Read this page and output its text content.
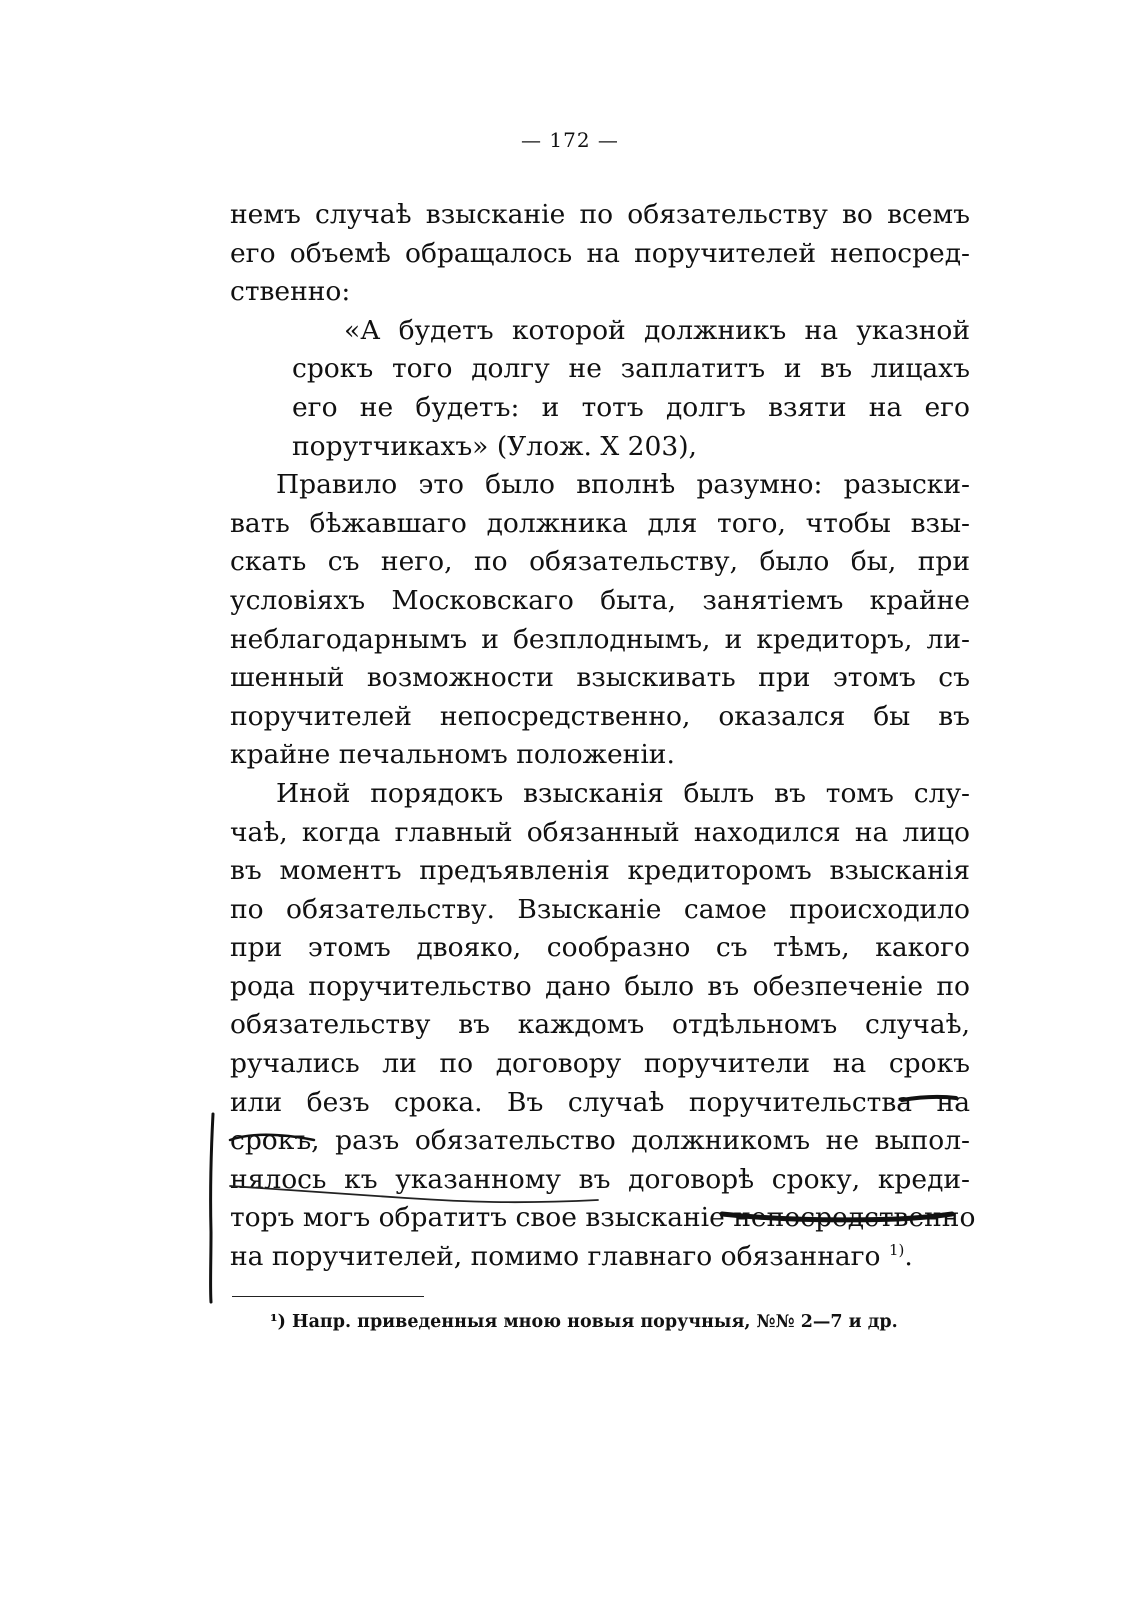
— 172 —
немъ случаѣ взысканіе по обязательству во всемъ
его объемѣ обращалось на поручителей непосред-
ственно:
«А будетъ которой должникъ на указной
срокъ того долгу не заплатитъ и въ лицахъ
его не будетъ: и тотъ долгъ взяти на его
порутчикахъ» (Улож. X 203),
Правило это было вполнѣ разумно: разыски-
вать бѣжавшаго должника для того, чтобы взы-
скать съ него, по обязательству, было бы, при
условіяхъ Московскаго быта, занятіемъ крайне
неблагодарнымъ и безплоднымъ, и кредиторъ, ли-
шенный возможности взыскивать при этомъ съ
поручителей непосредственно, оказался бы въ
крайне печальномъ положеніи.
Иной порядокъ взысканія былъ въ томъ слу-
чаѣ, когда главный обязанный находился на лицо
въ моментъ предъявленія кредиторомъ взысканія
по обязательству. Взысканіе самое происходило
при этомъ двояко, сообразно съ тѣмъ, какого
рода поручительство дано было въ обезпеченіе по
обязательству въ каждомъ отдѣльномъ случаѣ,
ручались ли по договору поручители на срокъ
или безъ срока. Въ случаѣ поручительства на
срокъ, разъ обязательство должникомъ не выпол-
нялось къ указанному въ договорѣ сроку, креди-
торъ могъ обратитъ свое взысканіе непосредственно
на поручителей, помимо главнаго обязаннаго $^{1)}$.
¹) Напр. приведенныя мною новыя поручныя, №№ 2—7 и др.
